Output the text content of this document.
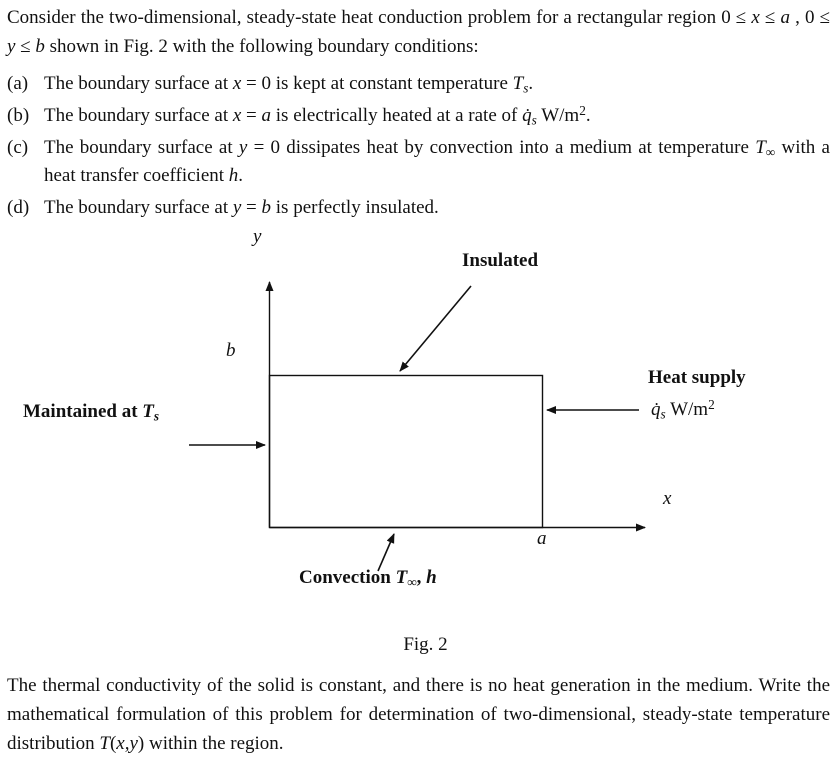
Consider the two-dimensional, steady-state heat conduction problem for a rectangular region 0 ≤ x ≤ a , 0 ≤ y ≤ b shown in Fig. 2 with the following boundary conditions:

(a) The boundary surface at x = 0 is kept at constant temperature Ts.
(b) The boundary surface at x = a is electrically heated at a rate of q̇s $W/m^2$.
(c) The boundary surface at y = 0 dissipates heat by convection into a medium at temperature T∞ with a heat transfer coefficient h.
(d) The boundary surface at y = b is perfectly insulated.
y
b
Insulated
Heat supply
q̇s $W/m^2$
Maintained at Ts
x
a
Convection T∞, h
Fig. 2

The thermal conductivity of the solid is constant, and there is no heat generation in the medium. Write the mathematical formulation of this problem for determination of two-dimensional, steady-state temperature distribution T(x,y) within the region.
